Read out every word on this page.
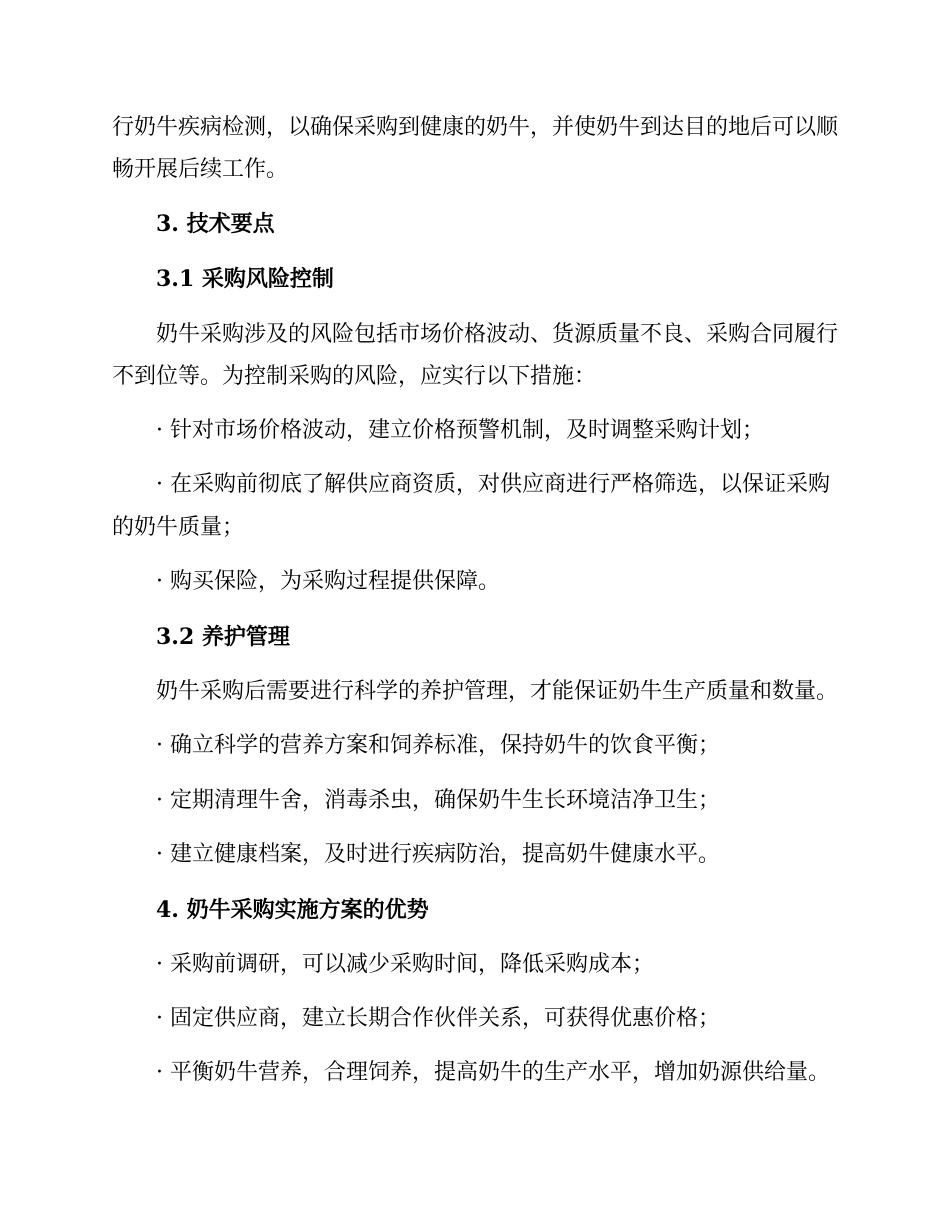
行奶牛疾病检测，以确保采购到健康的奶牛，并使奶牛到达目的地后可以顺
畅开展后续工作。
3. 技术要点
3.1 采购风险控制
奶牛采购涉及的风险包括市场价格波动、货源质量不良、采购合同履行
不到位等。为控制采购的风险，应实行以下措施：
· 针对市场价格波动，建立价格预警机制，及时调整采购计划；
· 在采购前彻底了解供应商资质，对供应商进行严格筛选，以保证采购
的奶牛质量；
· 购买保险，为采购过程提供保障。
3.2 养护管理
奶牛采购后需要进行科学的养护管理，才能保证奶牛生产质量和数量。
· 确立科学的营养方案和饲养标准，保持奶牛的饮食平衡；
· 定期清理牛舍，消毒杀虫，确保奶牛生长环境洁净卫生；
· 建立健康档案，及时进行疾病防治，提高奶牛健康水平。
4. 奶牛采购实施方案的优势
· 采购前调研，可以减少采购时间，降低采购成本；
· 固定供应商，建立长期合作伙伴关系，可获得优惠价格；
· 平衡奶牛营养，合理饲养，提高奶牛的生产水平，增加奶源供给量。
